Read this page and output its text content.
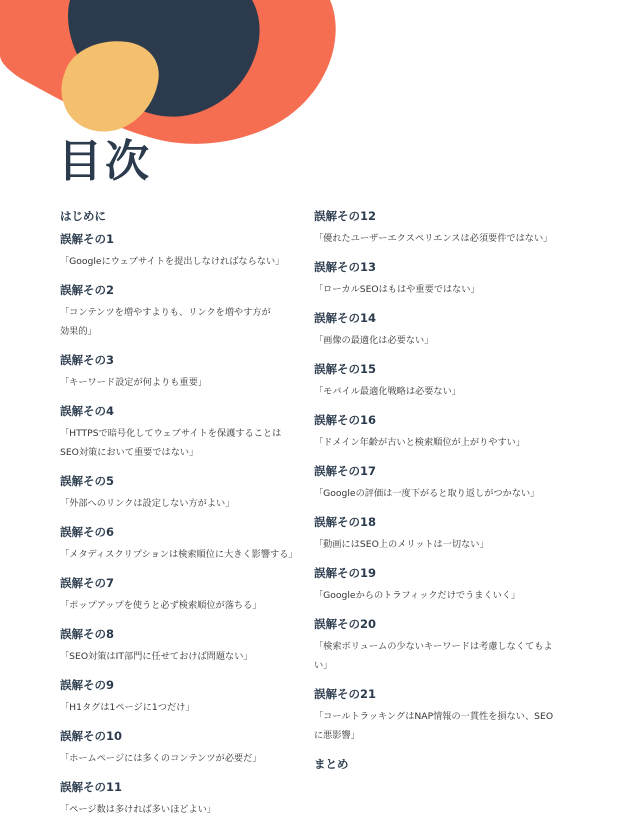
目次
はじめに
誤解その1
「Googleにウェブサイトを提出しなければならない」
誤解その2
「コンテンツを増やすよりも、リンクを増やす方が効果的」
誤解その3
「キーワード設定が何よりも重要」
誤解その4
「HTTPSで暗号化してウェブサイトを保護することはSEO対策において重要ではない」
誤解その5
「外部へのリンクは設定しない方がよい」
誤解その6
「メタディスクリプションは検索順位に大きく影響する」
誤解その7
「ポップアップを使うと必ず検索順位が落ちる」
誤解その8
「SEO対策はIT部門に任せておけば問題ない」
誤解その9
「H1タグは1ページに1つだけ」
誤解その10
「ホームページには多くのコンテンツが必要だ」
誤解その11
「ページ数は多ければ多いほどよい」
誤解その12
「優れたユーザーエクスペリエンスは必須要件ではない」
誤解その13
「ローカルSEOはもはや重要ではない」
誤解その14
「画像の最適化は必要ない」
誤解その15
「モバイル最適化戦略は必要ない」
誤解その16
「ドメイン年齢が古いと検索順位が上がりやすい」
誤解その17
「Googleの評価は一度下がると取り返しがつかない」
誤解その18
「動画にはSEO上のメリットは一切ない」
誤解その19
「Googleからのトラフィックだけでうまくいく」
誤解その20
「検索ボリュームの少ないキーワードは考慮しなくてもよい」
誤解その21
「コールトラッキングはNAP情報の一貫性を損ない、SEOに悪影響」
まとめ
